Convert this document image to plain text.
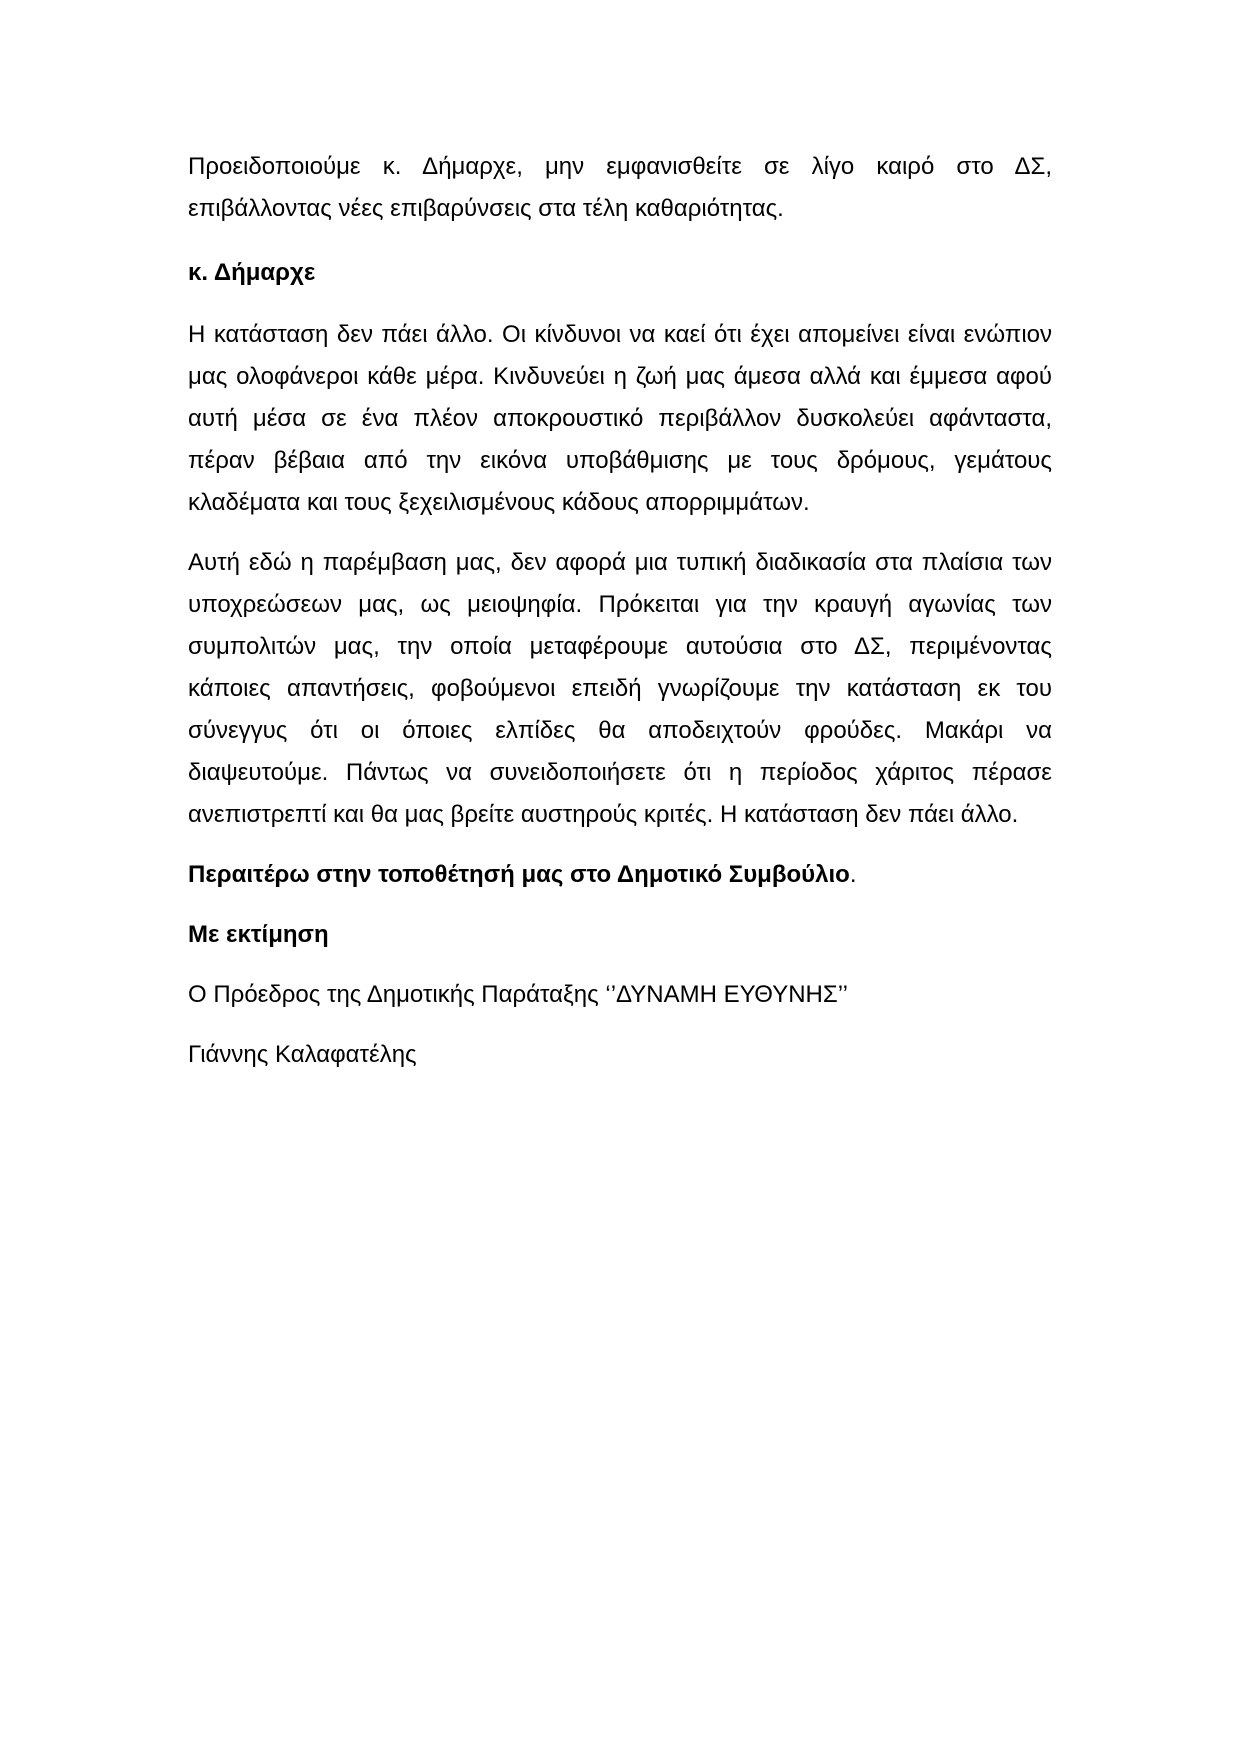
Προειδοποιούμε κ. Δήμαρχε, μην εμφανισθείτε σε λίγο καιρό στο ΔΣ, επιβάλλοντας νέες επιβαρύνσεις στα τέλη καθαριότητας.

κ. Δήμαρχε

Η κατάσταση δεν πάει άλλο. Οι κίνδυνοι να καεί ότι έχει απομείνει είναι ενώπιον μας ολοφάνεροι κάθε μέρα. Κινδυνεύει η ζωή μας άμεσα αλλά και έμμεσα αφού αυτή μέσα σε ένα πλέον αποκρουστικό περιβάλλον δυσκολεύει αφάνταστα, πέραν βέβαια από την εικόνα υποβάθμισης με τους δρόμους, γεμάτους κλαδέματα και τους ξεχειλισμένους κάδους απορριμμάτων.

Αυτή εδώ η παρέμβαση μας, δεν αφορά μια τυπική διαδικασία στα πλαίσια των υποχρεώσεων μας, ως μειοψηφία. Πρόκειται για την κραυγή αγωνίας των συμπολιτών μας, την οποία μεταφέρουμε αυτούσια στο ΔΣ, περιμένοντας κάποιες απαντήσεις, φοβούμενοι επειδή γνωρίζουμε την κατάσταση εκ του σύνεγγυς ότι οι όποιες ελπίδες θα αποδειχτούν φρούδες. Μακάρι να διαψευτούμε. Πάντως να συνειδοποιήσετε ότι η περίοδος χάριτος πέρασε ανεπιστρεπτί και θα μας βρείτε αυστηρούς κριτές. Η κατάσταση δεν πάει άλλο.

Περαιτέρω στην τοποθέτησή μας στο Δημοτικό Συμβούλιο.

Με εκτίμηση

Ο Πρόεδρος της Δημοτικής Παράταξης ‘’ΔΥΝΑΜΗ ΕΥΘΥΝΗΣ’’

Γιάννης Καλαφατέλης
